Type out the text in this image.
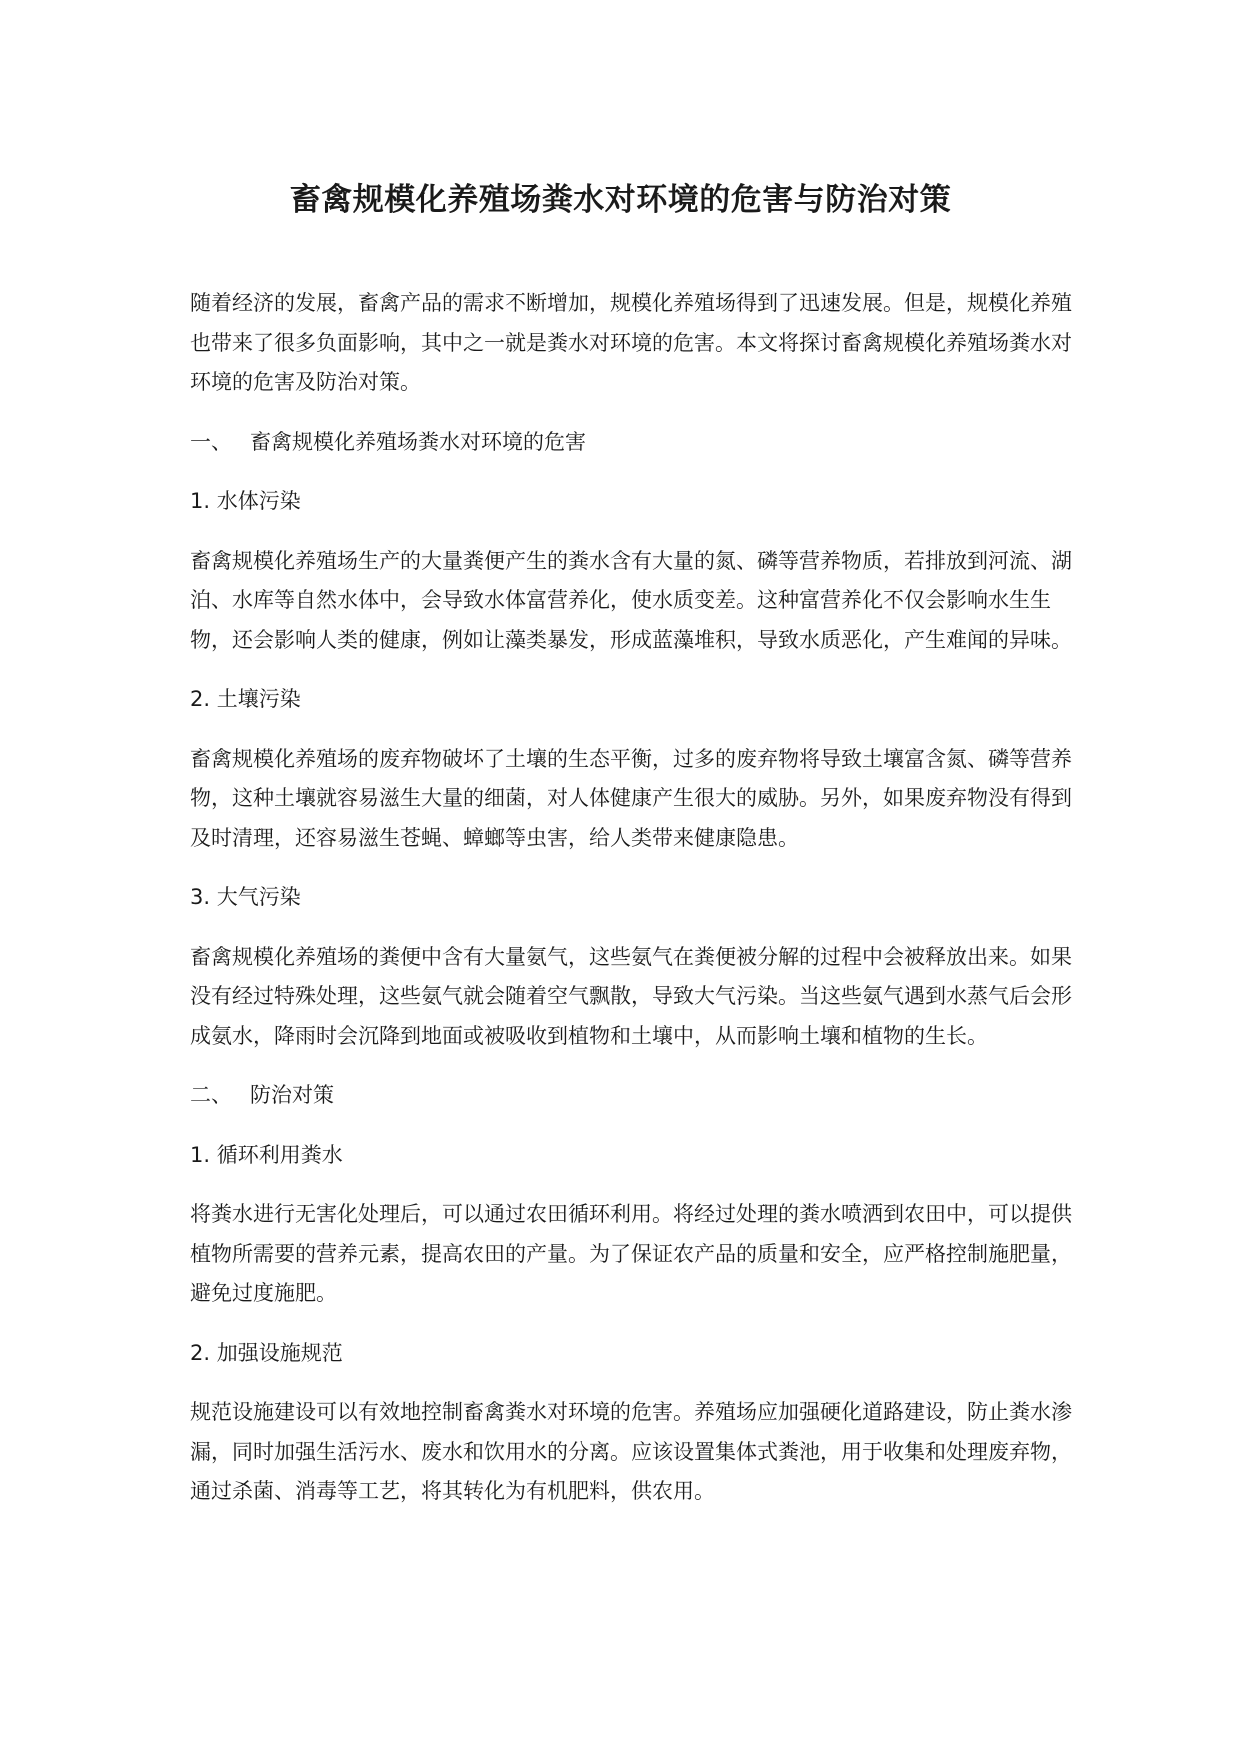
畜禽规模化养殖场粪水对环境的危害与防治对策

随着经济的发展，畜禽产品的需求不断增加，规模化养殖场得到了迅速发展。但是，规模化养殖也带来了很多负面影响，其中之一就是粪水对环境的危害。本文将探讨畜禽规模化养殖场粪水对环境的危害及防治对策。

一、 畜禽规模化养殖场粪水对环境的危害

1. 水体污染

畜禽规模化养殖场生产的大量粪便产生的粪水含有大量的氮、磷等营养物质，若排放到河流、湖泊、水库等自然水体中，会导致水体富营养化，使水质变差。这种富营养化不仅会影响水生生物，还会影响人类的健康，例如让藻类暴发，形成蓝藻堆积，导致水质恶化，产生难闻的异味。

2. 土壤污染

畜禽规模化养殖场的废弃物破坏了土壤的生态平衡，过多的废弃物将导致土壤富含氮、磷等营养物，这种土壤就容易滋生大量的细菌，对人体健康产生很大的威胁。另外，如果废弃物没有得到及时清理，还容易滋生苍蝇、蟑螂等虫害，给人类带来健康隐患。

3. 大气污染

畜禽规模化养殖场的粪便中含有大量氨气，这些氨气在粪便被分解的过程中会被释放出来。如果没有经过特殊处理，这些氨气就会随着空气飘散，导致大气污染。当这些氨气遇到水蒸气后会形成氨水，降雨时会沉降到地面或被吸收到植物和土壤中，从而影响土壤和植物的生长。

二、 防治对策

1. 循环利用粪水

将粪水进行无害化处理后，可以通过农田循环利用。将经过处理的粪水喷洒到农田中，可以提供植物所需要的营养元素，提高农田的产量。为了保证农产品的质量和安全，应严格控制施肥量，避免过度施肥。

2. 加强设施规范

规范设施建设可以有效地控制畜禽粪水对环境的危害。养殖场应加强硬化道路建设，防止粪水渗漏，同时加强生活污水、废水和饮用水的分离。应该设置集体式粪池，用于收集和处理废弃物，通过杀菌、消毒等工艺，将其转化为有机肥料，供农用。
